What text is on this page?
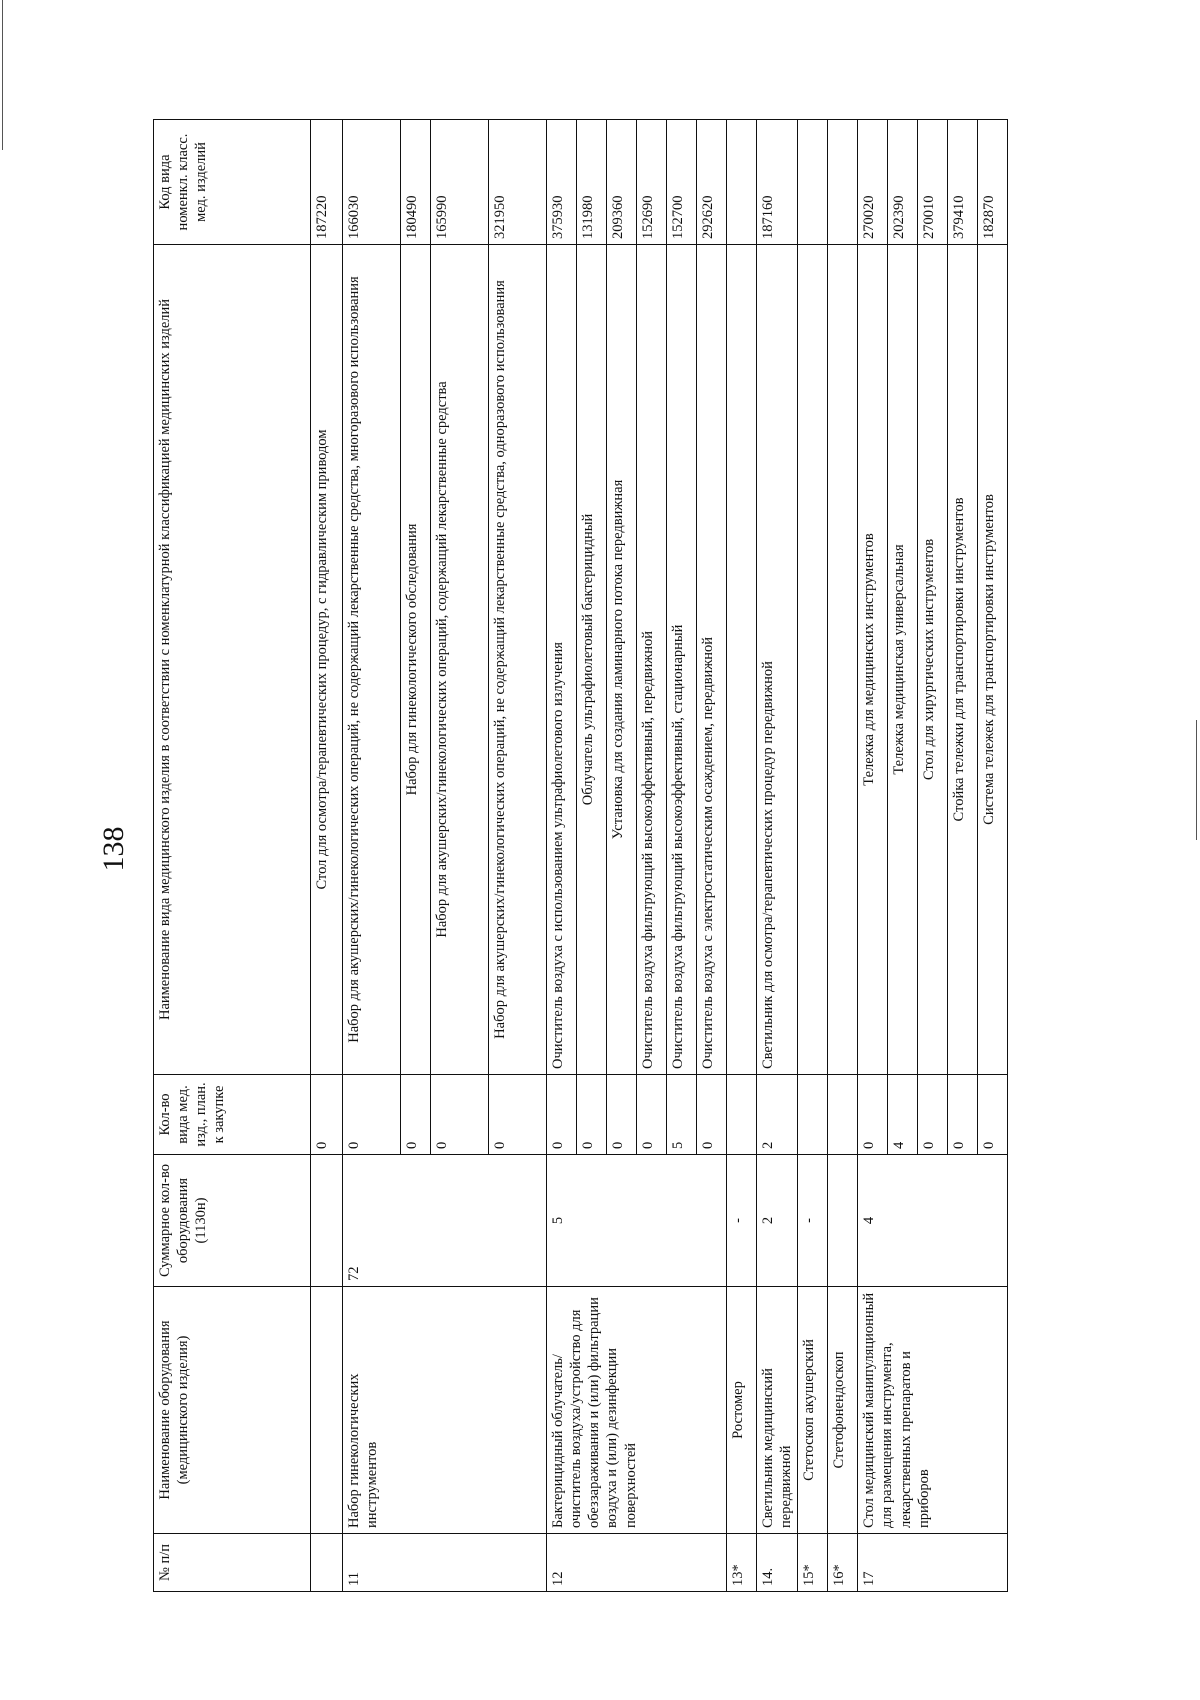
138
№ п/п	Наименование оборудования (медицинского изделия)	Суммарное кол-во оборудования (1130н)	Кол-во вида мед. изд., план. к закупке	Наименование вида медицинского изделия в соответствии с номенклатурной классификацией медицинских изделий	Код вида номенкл. класс. мед. изделий
			0	Стол для осмотра/терапевтических процедур, с гидравлическим приводом	187220
11	Набор гинекологических инструментов	72	0	Набор для акушерских/гинекологических операций, не содержащий лекарственные средства, многоразового использования	166030
			0	Набор для гинекологического обследования	180490
			0	Набор для акушерских/гинекологических операций, содержащий лекарственные средства	165990
			0	Набор для акушерских/гинекологических операций, не содержащий лекарственные средства, одноразового использования	321950
12	Бактерицидный облучатель/очиститель воздуха/устройство для обеззараживания и (или) фильтрации воздуха и (или) дезинфекции поверхностей	5	0	Очиститель воздуха с использованием ультрафиолетового излучения	375930
			0	Облучатель ультрафиолетовый бактерицидный	131980
			0	Установка для создания ламинарного потока передвижная	209360
			0	Очиститель воздуха фильтрующий высокоэффективный, передвижной	152690
			5	Очиститель воздуха фильтрующий высокоэффективный, стационарный	152700
			0	Очиститель воздуха с электростатическим осаждением, передвижной	292620
13*	Ростомер	-			
14.	Светильник медицинский передвижной	2	2	Светильник для осмотра/терапевтических процедур передвижной	187160
15*	Стетоскоп акушерский	-			
16*	Стетофонендоскоп				
17	Стол медицинский манипуляционный для размещения инструмента, лекарственных препаратов и приборов	4	0	Тележка для медицинских инструментов	270020
			4	Тележка медицинская универсальная	202390
			0	Стол для хирургических инструментов	270010
			0	Стойка тележки для транспортировки инструментов	379410
			0	Система тележек для транспортировки инструментов	182870
